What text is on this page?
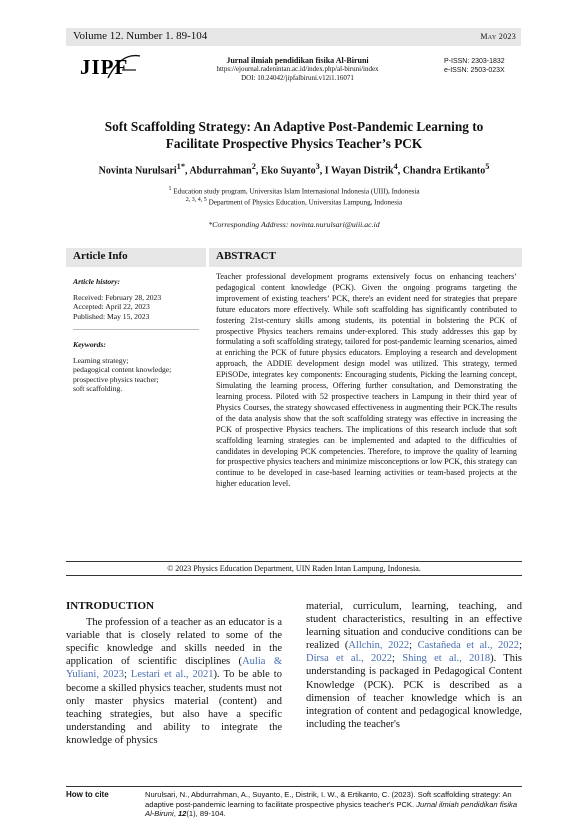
Volume 12. Number 1. 89-104	May 2023
JIPF	Jurnal ilmiah pendidikan fisika Al-Biruni
https://ejournal.radenintan.ac.id/index.php/al-biruni/index
DOI: 10.24042/jipfalbiruni.v12i1.16071
P-ISSN: 2303-1832
e-ISSN: 2503-023X
Soft Scaffolding Strategy: An Adaptive Post-Pandemic Learning to
Facilitate Prospective Physics Teacher’s PCK
Novinta Nurulsari$^{1*}$, Abdurrahman$^2$, Eko Suyanto$^3$, I Wayan Distrik$^4$, Chandra Ertikanto$^5$
$^1$ Education study program, Universitas Islam Internasional Indonesia (UIII), Indonesia
$^{2, 3, 4, 5}$ Department of Physics Education, Universitas Lampung, Indonesia
*Corresponding Address: novinta.nurulsari@uiii.ac.id
Article Info
Article history:
Received: February 28, 2023
Accepted: April 22, 2023
Published: May 15, 2023
Keywords:
Learning strategy;
pedagogical content knowledge;
prospective physics teacher;
soft scaffolding.
ABSTRACT
Teacher professional development programs extensively focus on enhancing teachers’ pedagogical content knowledge (PCK). Given the ongoing programs targeting the improvement of existing teachers’ PCK, there's an evident need for strategies that prepare future educators more effectively. While soft scaffolding has significantly contributed to fostering 21st-century skills among students, its potential in bolstering the PCK of prospective Physics teachers remains under-explored. This study addresses this gap by formulating a soft scaffolding strategy, tailored for post-pandemic learning scenarios, aimed at enriching the PCK of future physics educators. Employing a research and development approach, the ADDIE development design model was utilized. This strategy, termed EPiSODe, integrates key components: Encouraging students, Picking the learning concept, Simulating the learning process, Offering further consultation, and Demonstrating the learning process. Piloted with 52 prospective teachers in Lampung in their third year of Physics Courses, the strategy showcased effectiveness in augmenting their PCK.The results of the data analysis show that the soft scaffolding strategy was effective in increasing the PCK of prospective Physics teachers. The implications of this research include that soft scaffolding learning strategies can be implemented and adapted to the difficulties of candidates in developing PCK competencies. Therefore, to improve the quality of learning for prospective physics teachers and minimize misconceptions or low PCK, this strategy can continue to be developed in case-based learning activities or team-based projects at the higher education level.
© 2023 Physics Education Department, UIN Raden Intan Lampung, Indonesia.
INTRODUCTION
The profession of a teacher as an educator is a variable that is closely related to some of the specific knowledge and skills needed in the application of scientific disciplines (Aulia & Yuliani, 2023; Lestari et al., 2021). To be able to become a skilled physics teacher, students must not only master physics material (content) and teaching strategies, but also have a specific understanding and ability to integrate the knowledge of physics
material, curriculum, learning, teaching, and student characteristics, resulting in an effective learning situation and conducive conditions can be realized (Allchin, 2022; Castañeda et al., 2022; Dirsa et al., 2022; Shing et al., 2018). This understanding is packaged in Pedagogical Content Knowledge (PCK). PCK is described as a dimension of teacher knowledge which is an integration of content and pedagogical knowledge, including the teacher's
How to cite	Nurulsari, N., Abdurrahman, A., Suyanto, E., Distrik, I. W., & Ertikanto, C. (2023). Soft scaffolding strategy: An adaptive post-pandemic learning to facilitate prospective physics teacher's PCK. Jurnal ilmiah pendidikan fisika Al-Biruni, 12(1), 89-104.
